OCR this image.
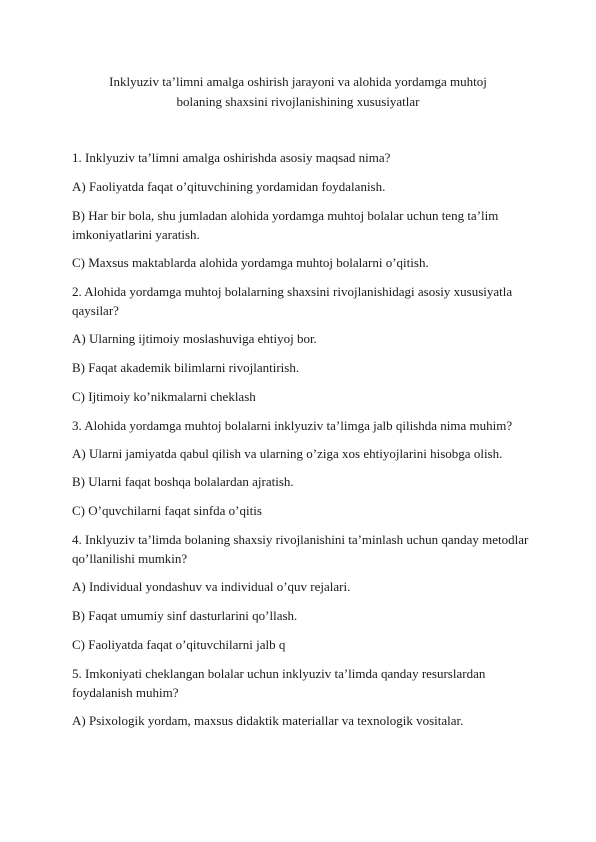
Inklyuziv ta’limni amalga oshirish jarayoni va alohida yordamga muhtoj
bolaning shaxsini rivojlanishining xususiyatlar

1. Inklyuziv ta’limni amalga oshirishda asosiy maqsad nima?

A) Faoliyatda faqat o’qituvchining yordamidan foydalanish.

B) Har bir bola, shu jumladan alohida yordamga muhtoj bolalar uchun teng ta’lim imkoniyatlarini yaratish.

C) Maxsus maktablarda alohida yordamga muhtoj bolalarni o’qitish.

2. Alohida yordamga muhtoj bolalarning shaxsini rivojlanishidagi asosiy xususiyatla qaysilar?

A) Ularning ijtimoiy moslashuviga ehtiyoj bor.

B) Faqat akademik bilimlarni rivojlantirish.

C) Ijtimoiy ko’nikmalarni cheklash

3. Alohida yordamga muhtoj bolalarni inklyuziv ta’limga jalb qilishda nima muhim?

A) Ularni jamiyatda qabul qilish va ularning o’ziga xos ehtiyojlarini hisobga olish.

B) Ularni faqat boshqa bolalardan ajratish.

C) O’quvchilarni faqat sinfda o’qitis

4. Inklyuziv ta’limda bolaning shaxsiy rivojlanishini ta’minlash uchun qanday metodlar qo’llanilishi mumkin?

A) Individual yondashuv va individual o’quv rejalari.

B) Faqat umumiy sinf dasturlarini qo’llash.

C) Faoliyatda faqat o’qituvchilarni jalb q

5. Imkoniyati cheklangan bolalar uchun inklyuziv ta’limda qanday resurslardan foydalanish muhim?

A) Psixologik yordam, maxsus didaktik materiallar va texnologik vositalar.
